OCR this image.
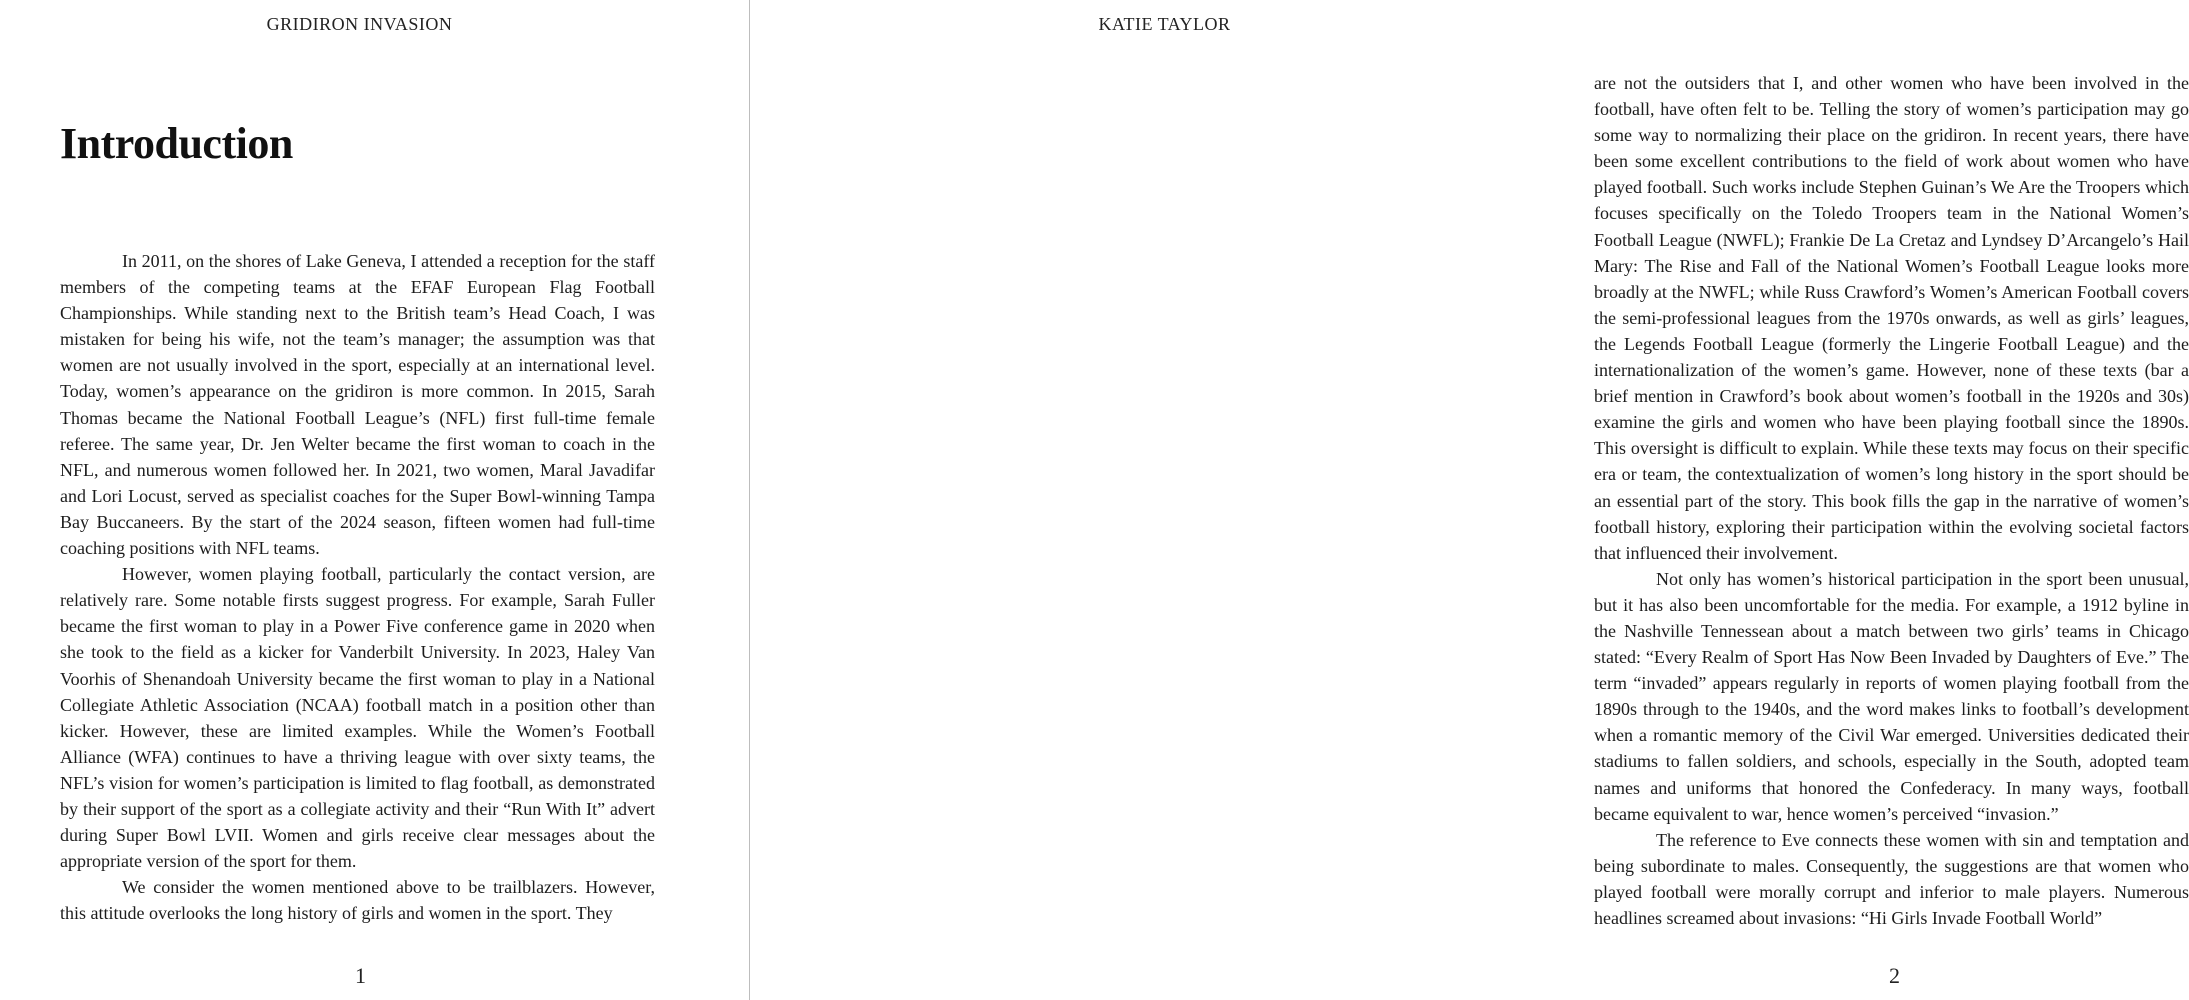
GRIDIRON INVASION
Introduction

In 2011, on the shores of Lake Geneva, I attended a reception for the staff members of the competing teams at the EFAF European Flag Football Championships. While standing next to the British team’s Head Coach, I was mistaken for being his wife, not the team’s manager; the assumption was that women are not usually involved in the sport, especially at an international level. Today, women’s appearance on the gridiron is more common. In 2015, Sarah Thomas became the National Football League’s (NFL) first full-time female referee. The same year, Dr. Jen Welter became the first woman to coach in the NFL, and numerous women followed her. In 2021, two women, Maral Javadifar and Lori Locust, served as specialist coaches for the Super Bowl-winning Tampa Bay Buccaneers. By the start of the 2024 season, fifteen women had full-time coaching positions with NFL teams.

However, women playing football, particularly the contact version, are relatively rare. Some notable firsts suggest progress. For example, Sarah Fuller became the first woman to play in a Power Five conference game in 2020 when she took to the field as a kicker for Vanderbilt University. In 2023, Haley Van Voorhis of Shenandoah University became the first woman to play in a National Collegiate Athletic Association (NCAA) football match in a position other than kicker. However, these are limited examples. While the Women’s Football Alliance (WFA) continues to have a thriving league with over sixty teams, the NFL’s vision for women’s participation is limited to flag football, as demonstrated by their support of the sport as a collegiate activity and their “Run With It” advert during Super Bowl LVII. Women and girls receive clear messages about the appropriate version of the sport for them.

We consider the women mentioned above to be trailblazers. However, this attitude overlooks the long history of girls and women in the sport. They

1
KATIE TAYLOR

are not the outsiders that I, and other women who have been involved in the football, have often felt to be. Telling the story of women’s participation may go some way to normalizing their place on the gridiron. In recent years, there have been some excellent contributions to the field of work about women who have played football. Such works include Stephen Guinan’s We Are the Troopers which focuses specifically on the Toledo Troopers team in the National Women’s Football League (NWFL); Frankie De La Cretaz and Lyndsey D’Arcangelo’s Hail Mary: The Rise and Fall of the National Women’s Football League looks more broadly at the NWFL; while Russ Crawford’s Women’s American Football covers the semi-professional leagues from the 1970s onwards, as well as girls’ leagues, the Legends Football League (formerly the Lingerie Football League) and the internationalization of the women’s game. However, none of these texts (bar a brief mention in Crawford’s book about women’s football in the 1920s and 30s) examine the girls and women who have been playing football since the 1890s. This oversight is difficult to explain. While these texts may focus on their specific era or team, the contextualization of women’s long history in the sport should be an essential part of the story. This book fills the gap in the narrative of women’s football history, exploring their participation within the evolving societal factors that influenced their involvement.

Not only has women’s historical participation in the sport been unusual, but it has also been uncomfortable for the media. For example, a 1912 byline in the Nashville Tennessean about a match between two girls’ teams in Chicago stated: “Every Realm of Sport Has Now Been Invaded by Daughters of Eve.” The term “invaded” appears regularly in reports of women playing football from the 1890s through to the 1940s, and the word makes links to football’s development when a romantic memory of the Civil War emerged. Universities dedicated their stadiums to fallen soldiers, and schools, especially in the South, adopted team names and uniforms that honored the Confederacy. In many ways, football became equivalent to war, hence women’s perceived “invasion.”

The reference to Eve connects these women with sin and temptation and being subordinate to males. Consequently, the suggestions are that women who played football were morally corrupt and inferior to male players. Numerous headlines screamed about invasions: “Hi Girls Invade Football World”

2
